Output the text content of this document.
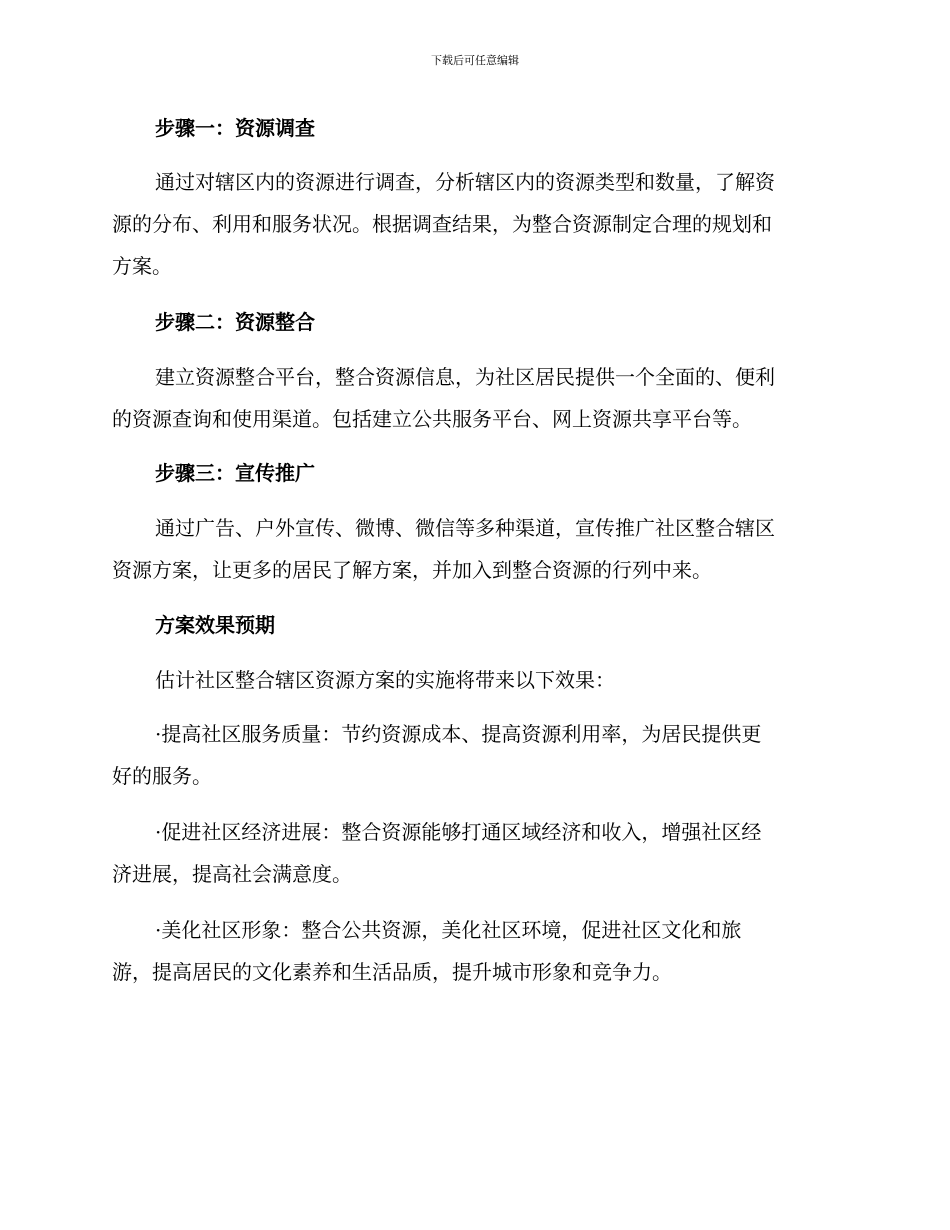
下载后可任意编辑
步骤一：资源调查
通过对辖区内的资源进行调查，分析辖区内的资源类型和数量，了解资
源的分布、利用和服务状况。根据调查结果，为整合资源制定合理的规划和
方案。
步骤二：资源整合
建立资源整合平台，整合资源信息，为社区居民提供一个全面的、便利
的资源查询和使用渠道。包括建立公共服务平台、网上资源共享平台等。
步骤三：宣传推广
通过广告、户外宣传、微博、微信等多种渠道，宣传推广社区整合辖区
资源方案，让更多的居民了解方案，并加入到整合资源的行列中来。
方案效果预期
估计社区整合辖区资源方案的实施将带来以下效果：
·提高社区服务质量：节约资源成本、提高资源利用率，为居民提供更
好的服务。
·促进社区经济进展：整合资源能够打通区域经济和收入，增强社区经
济进展，提高社会满意度。
·美化社区形象：整合公共资源，美化社区环境，促进社区文化和旅
游，提高居民的文化素养和生活品质，提升城市形象和竞争力。
